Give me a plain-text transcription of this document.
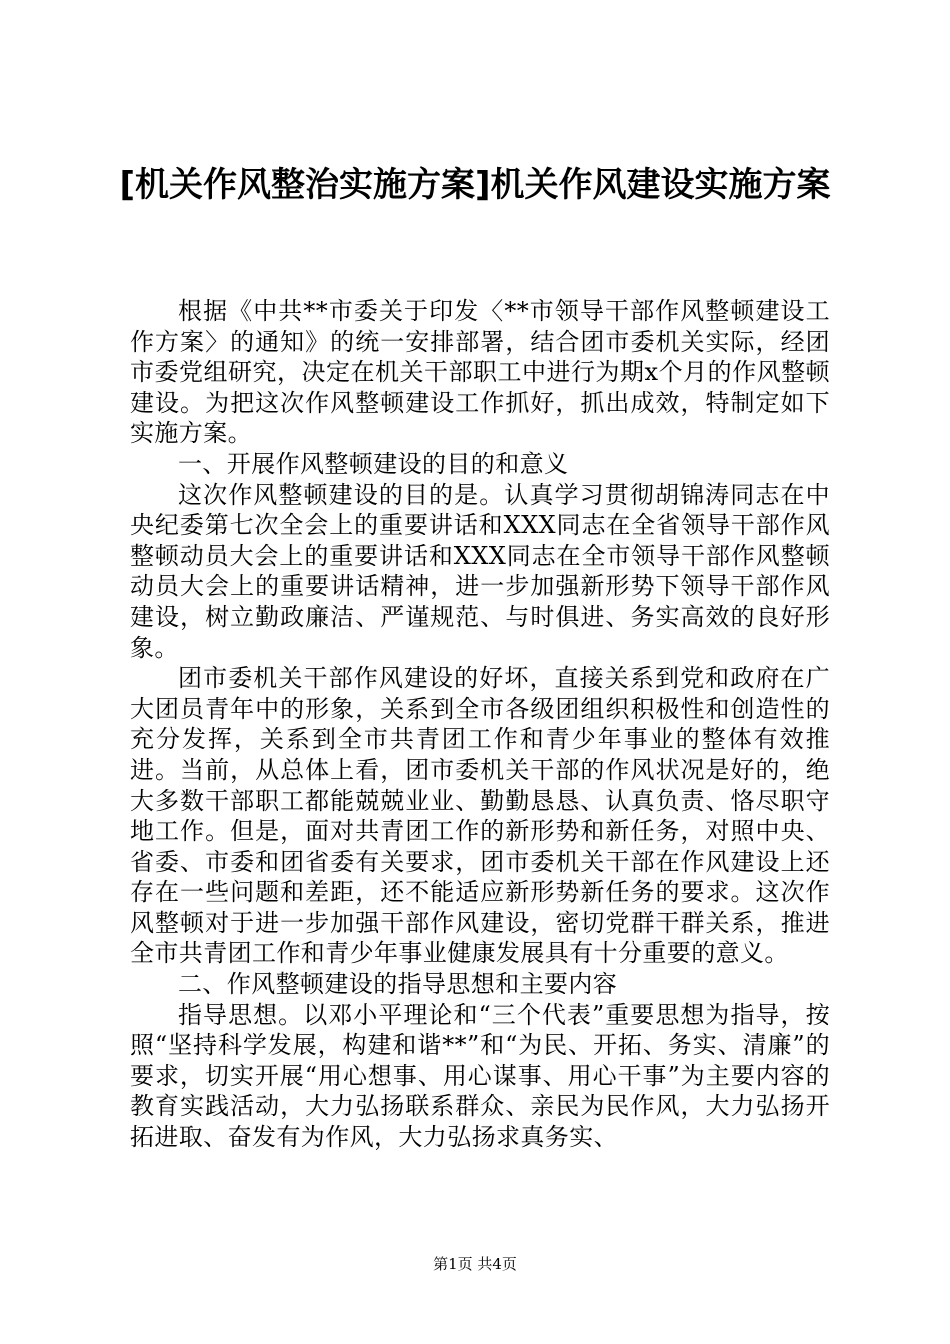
[机关作风整治实施方案]机关作风建设实施方案

根据《中共**市委关于印发〈**市领导干部作风整顿建设工作方案〉的通知》的统一安排部署，结合团市委机关实际，经团市委党组研究，决定在机关干部职工中进行为期x个月的作风整顿建设。为把这次作风整顿建设工作抓好，抓出成效，特制定如下实施方案。

一、开展作风整顿建设的目的和意义

这次作风整顿建设的目的是。认真学习贯彻胡锦涛同志在中央纪委第七次全会上的重要讲话和XXX同志在全省领导干部作风整顿动员大会上的重要讲话和XXX同志在全市领导干部作风整顿动员大会上的重要讲话精神，进一步加强新形势下领导干部作风建设，树立勤政廉洁、严谨规范、与时俱进、务实高效的良好形象。

团市委机关干部作风建设的好坏，直接关系到党和政府在广大团员青年中的形象，关系到全市各级团组织积极性和创造性的充分发挥，关系到全市共青团工作和青少年事业的整体有效推进。当前，从总体上看，团市委机关干部的作风状况是好的，绝大多数干部职工都能兢兢业业、勤勤恳恳、认真负责、恪尽职守地工作。但是，面对共青团工作的新形势和新任务，对照中央、省委、市委和团省委有关要求，团市委机关干部在作风建设上还存在一些问题和差距，还不能适应新形势新任务的要求。这次作风整顿对于进一步加强干部作风建设，密切党群干群关系，推进全市共青团工作和青少年事业健康发展具有十分重要的意义。

二、作风整顿建设的指导思想和主要内容

指导思想。以邓小平理论和“三个代表”重要思想为指导，按照“坚持科学发展，构建和谐**”和“为民、开拓、务实、清廉”的要求，切实开展“用心想事、用心谋事、用心干事”为主要内容的教育实践活动，大力弘扬联系群众、亲民为民作风，大力弘扬开拓进取、奋发有为作风，大力弘扬求真务实、

第1页 共4页
